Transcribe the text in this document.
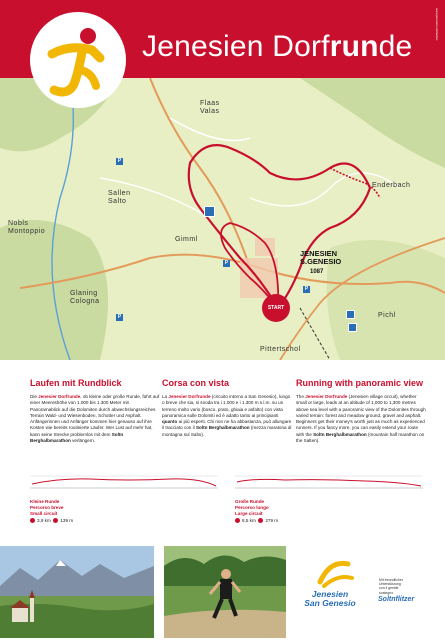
Jenesien Dorfrunde
www.jenesien.net/laufen
Flaas
Valas
Enderbach
Sallen
Salto
Nobls
Montoppio
Gimml
Glaning
Cologna
Pichl
Pittertschol
JENESIEN
S.GENESIO
1087
START
P
P
P
P
Laufen mit Rundblick

Die Jenesier Dorfrunde, ob kleine oder große Runde, führt auf einer Meereshöhe von 1.000 bis 1.300 Meter mit Panoramablick auf die Dolomiten durch abwechslungsreiches Terrain Wald- und Wiesenboden, Schotter und Asphalt. Anfängerinnen und Anfänger kommen hier genauso auf ihre Kosten wie bereits routinierte Läufer. Wer Lust auf mehr hat, kann seine Strecke problemlos mit dem Soltn Berghalbmarathon verlängern.

Corsa con vista

La Jenesier Dorfrunde (circuito intorno a San Genesio), lungo o breve che sia, si snoda tra i 1.000 e i 1.300 m s.l.m. su un terreno molto vario (bosco, prato, ghiaia e asfalto) con vista panoramica sulle Dolomiti ed è adatto tanto ai principianti quanto ai più esperti. Chi non ne ha abbastanza, può allungare il tracciato con il Soltn Berghalbmarathon (mezza maratona di montagna sul Salto).

Running with panoramic view

The Jenesier Dorfrunde (Jenesien village circuit), whether small or large, leads at an altitude of 1,000 to 1,300 metres above sea level with a panoramic view of the Dolomites through varied terrain: forest and meadow ground, gravel and asphalt. Beginners get their money's worth just as much as experienced runners. If you fancy more, you can easily extend your route with the Soltn Berghalbmarathon (mountain half marathon on the Salten).

Kleine Runde
Percorso breve
Small circuit
3,9 km 139 m
Große Runde
Percorso lungo
Large circuit
8,5 km 279 m
Jenesien
San Genesio
Mit freundlicher
Unterstützung
con il gentile
sostegno
Soltnflitzer
